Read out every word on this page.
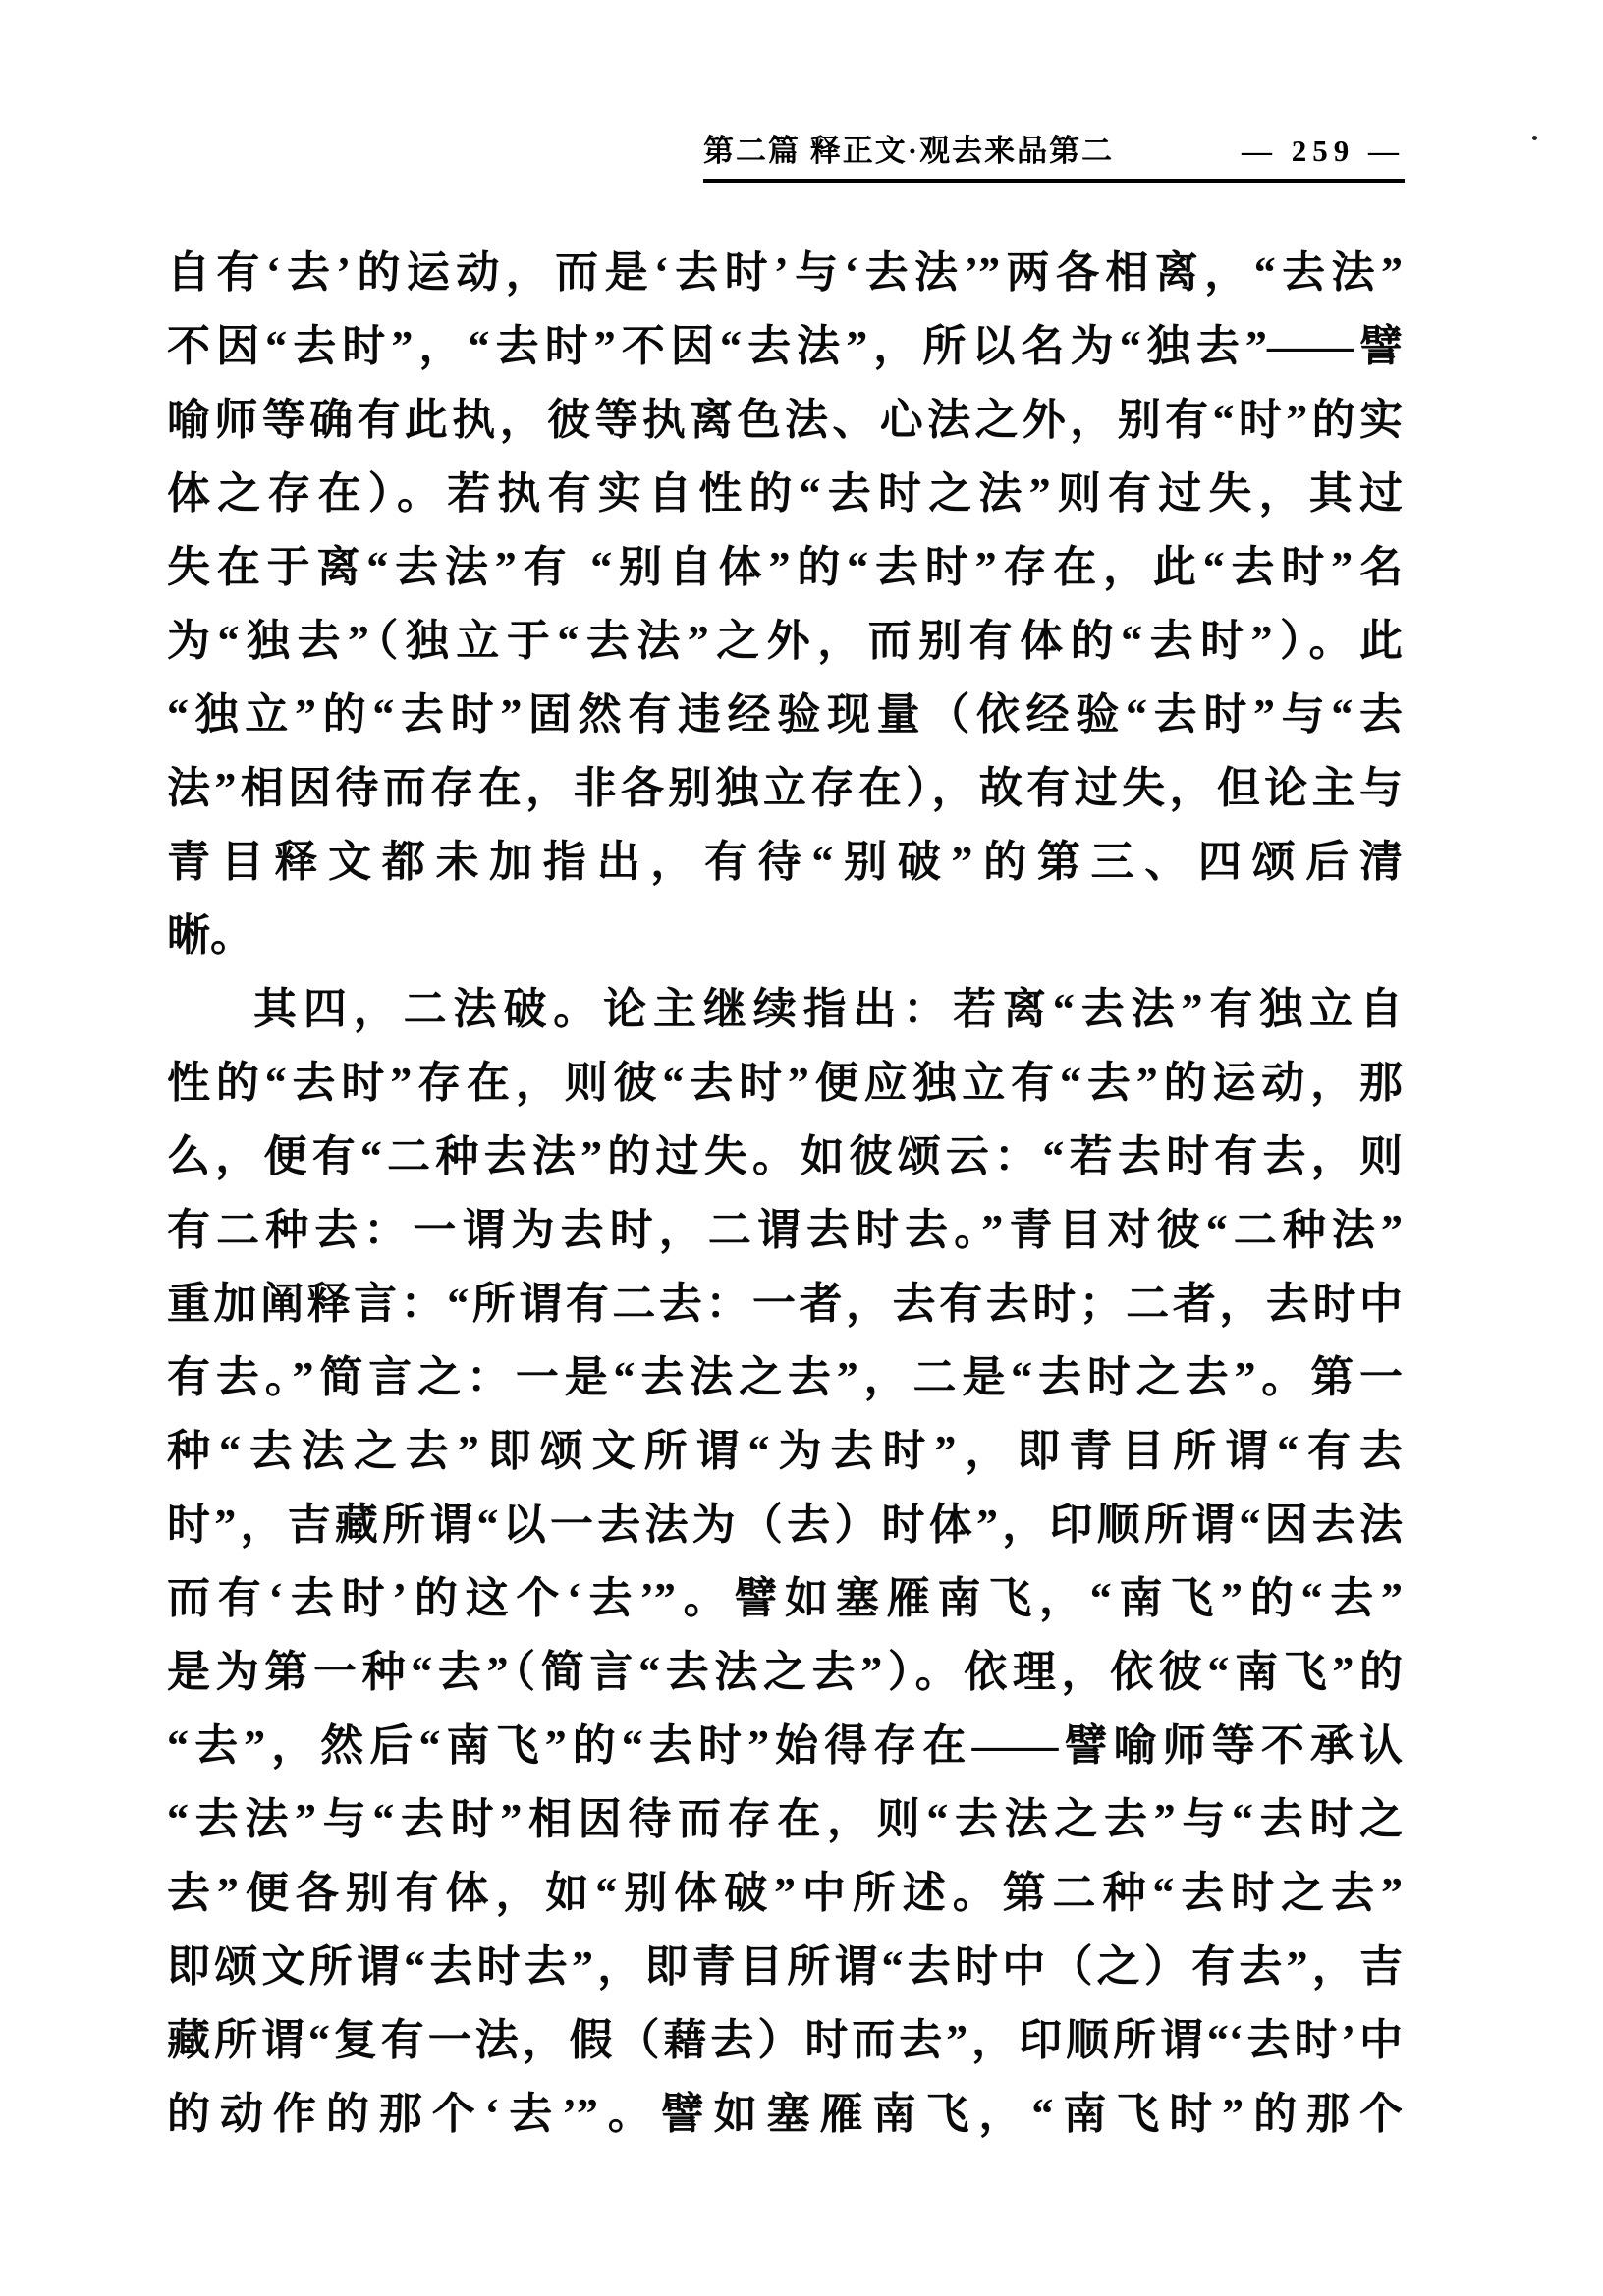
第二篇 释正文·观去来品第二	— 259 —
自有‘去’的运动，而是‘去时’与‘去法’”两各相离，“去法”
不因“去时”，“去时”不因“去法”，所以名为“独去”——譬
喻师等确有此执，彼等执离色法、心法之外，别有“时”的实
体之存在）。若执有实自性的“去时之法”则有过失，其过
失在于离“去法”有 “别自体”的“去时”存在，此“去时”名
为“独去”（独立于“去法”之外，而别有体的“去时”）。此
“独立”的“去时”固然有违经验现量（依经验“去时”与“去
法”相因待而存在，非各别独立存在），故有过失，但论主与
青目释文都未加指出，有待“别破”的第三、四颂后清
晰。
其四，二法破。论主继续指出：若离“去法”有独立自
性的“去时”存在，则彼“去时”便应独立有“去”的运动，那
么，便有“二种去法”的过失。如彼颂云：“若去时有去，则
有二种去：一谓为去时，二谓去时去。”青目对彼“二种法”
重加阐释言：“所谓有二去：一者，去有去时；二者，去时中
有去。”简言之：一是“去法之去”，二是“去时之去”。第一
种“去法之去”即颂文所谓“为去时”，即青目所谓“有去
时”，吉藏所谓“以一去法为（去）时体”，印顺所谓“因去法
而有‘去时’的这个‘去’”。譬如塞雁南飞，“南飞”的“去”
是为第一种“去”（简言“去法之去”）。依理，依彼“南飞”的
“去”，然后“南飞”的“去时”始得存在——譬喻师等不承认
“去法”与“去时”相因待而存在，则“去法之去”与“去时之
去”便各别有体，如“别体破”中所述。第二种“去时之去”
即颂文所谓“去时去”，即青目所谓“去时中（之）有去”，吉
藏所谓“复有一法，假（藉去）时而去”，印顺所谓“‘去时’中
的动作的那个‘去’”。譬如塞雁南飞，“南飞时”的那个
